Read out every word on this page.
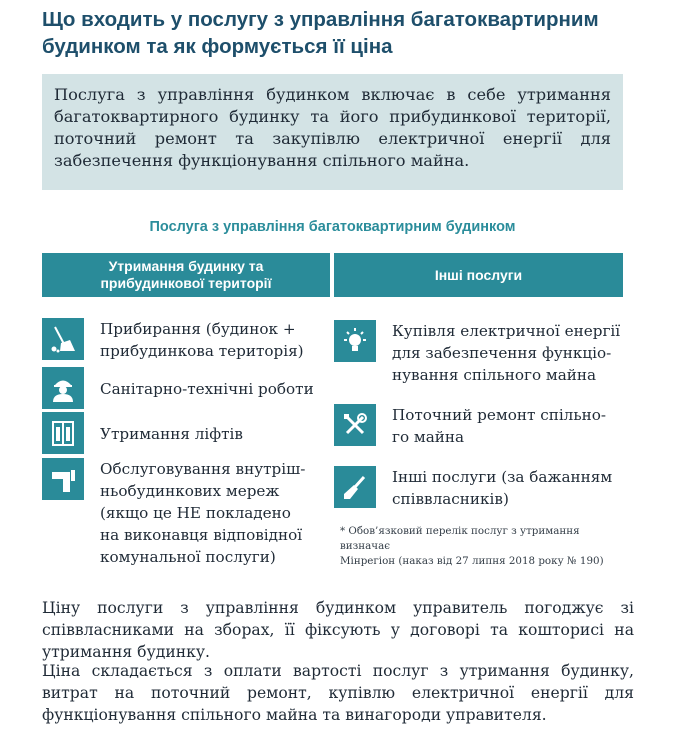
Що входить у послугу з управління багатоквартирним
будинком та як формується її ціна

Послуга з управління будинком включає в себе утримання багатоквартирного будинку та його прибудинкової території, поточний ремонт та закупівлю електричної енергії для забезпечення функціонування спільного майна.

Послуга з управління багатоквартирним будинком
Утримання будинку та
прибудинкової території
Інші послуги
Прибирання (будинок +
прибудинкова територія)
Санітарно-технічні роботи
Утримання ліфтів
Обслуговування внутріш-
ньобудинкових мереж
(якщо це НЕ покладено
на виконавця відповідної
комунальної послуги)
Купівля електричної енергії
для забезпечення функціо-
нування спільного майна
Поточний ремонт спільно-
го майна
Інші послуги (за бажанням
співвласників)
* Обов’язковий перелік послуг з утримання визначає
Мінрегіон (наказ від 27 липня 2018 року № 190)

Ціну послуги з управління будинком управитель погоджує зі співвласниками на зборах, її фіксують у договорі та кошторисі на утримання будинку.

Ціна складається з оплати вартості послуг з утримання будинку, витрат на поточний ремонт, купівлю електричної енергії для функціонування спільного майна та винагороди управителя.
